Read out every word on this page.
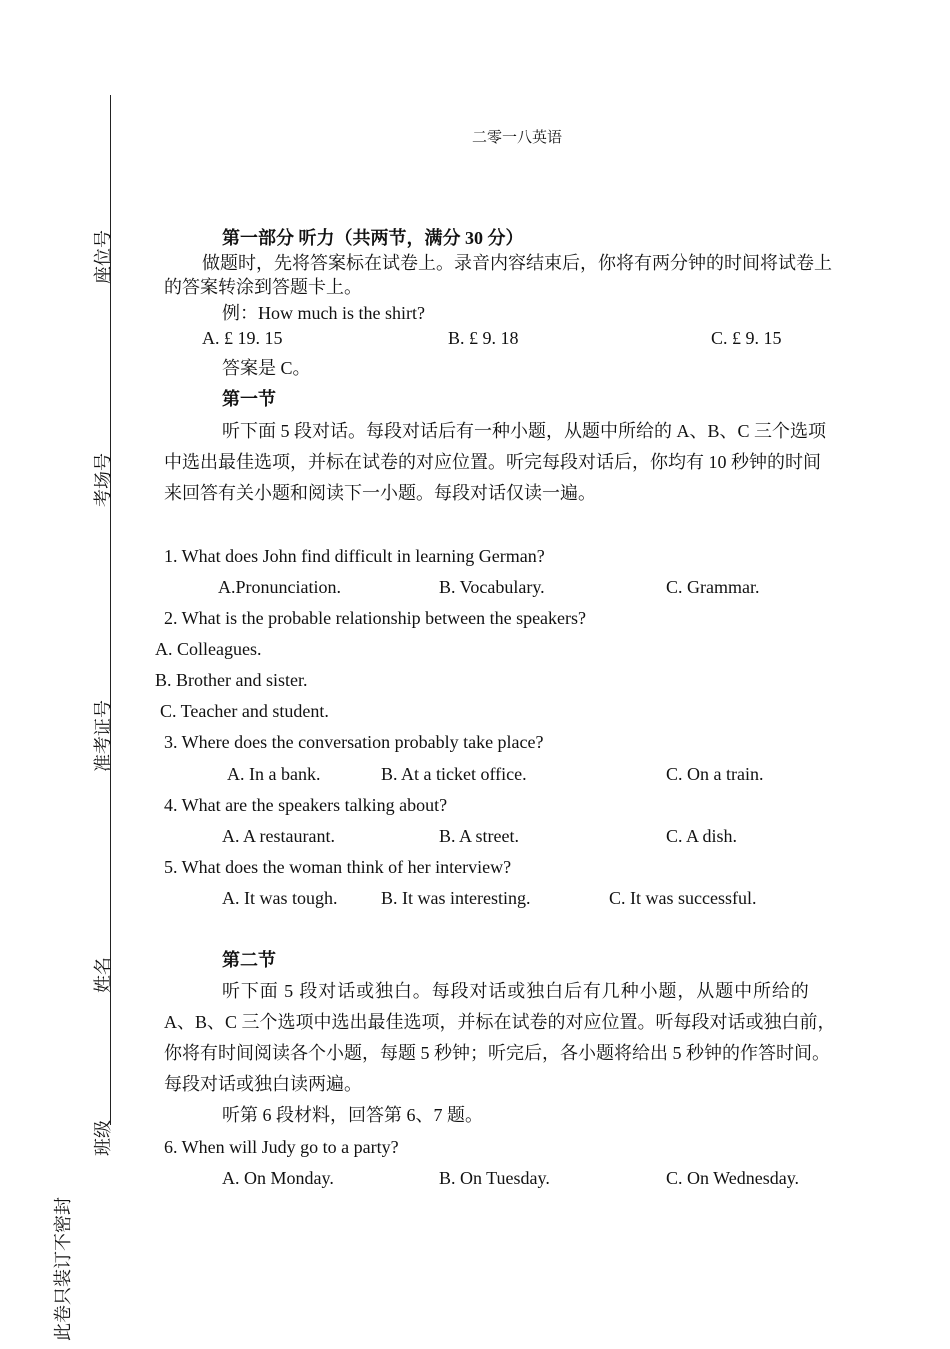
座位号
考场号
准考证号
姓名
班级
此卷只装订不密封
二零一八英语
第一部分 听力（共两节，满分 30 分）
做题时，先将答案标在试卷上。录音内容结束后，你将有两分钟的时间将试卷上
的答案转涂到答题卡上。
例：How much is the shirt?
A. £ 19. 15	B. £ 9. 18	C. £ 9. 15
答案是 C。
第一节
听下面 5 段对话。每段对话后有一种小题，从题中所给的 A、B、C 三个选项
中选出最佳选项，并标在试卷的对应位置。听完每段对话后，你均有 10 秒钟的时间
来回答有关小题和阅读下一小题。每段对话仅读一遍。
1. What does John find difficult in learning German?
A.Pronunciation.	B. Vocabulary.	C. Grammar.
2. What is the probable relationship between the speakers?
A. Colleagues.
B. Brother and sister.
C. Teacher and student.
3. Where does the conversation probably take place?
A. In a bank.	B. At a ticket office.	C. On a train.
4. What are the speakers talking about?
A. A restaurant.	B. A street.	C. A dish.
5. What does the woman think of her interview?
A. It was tough. B. It was interesting.	C. It was successful.
第二节
听下面 5 段对话或独白。每段对话或独白后有几种小题，从题中所给的
A、B、C 三个选项中选出最佳选项，并标在试卷的对应位置。听每段对话或独白前，
你将有时间阅读各个小题，每题 5 秒钟；听完后，各小题将给出 5 秒钟的作答时间。
每段对话或独白读两遍。
听第 6 段材料，回答第 6、7 题。
6. When will Judy go to a party?
A. On Monday.	B. On Tuesday.	C. On Wednesday.
